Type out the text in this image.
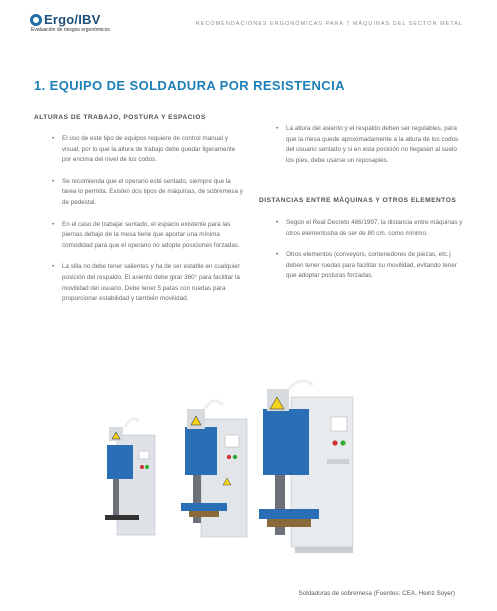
Ergo/IBV
Evaluación de riesgos ergonómicos
RECOMENDACIONES ERGONÓMICAS PARA 7 MÁQUINAS DEL SECTOR METAL
1. EQUIPO DE SOLDADURA POR RESISTENCIA
ALTURAS DE TRABAJO, POSTURA Y ESPACIOS
• El uso de este tipo de equipos requiere de control manual y visual, por lo que la altura de trabajo debe quedar ligeramente por encima del nivel de los codos.
• Se recomienda que el operario esté sentado, siempre que la tarea lo permita. Existen dos tipos de máquinas, de sobremesa y de pedestal.
• En el caso de trabajar sentado, el espacio existente para las piernas debajo de la mesa tiene que aportar una mínima comodidad para que el operario no adopte posiciones forzadas.
• La silla no debe tener salientes y ha de ser estable en cualquier posición del respaldo. El asiento debe girar 360° para facilitar la movilidad del usuario. Debe tener 5 patas con ruedas para proporcionar estabilidad y también movilidad.
• La altura del asiento y el respaldo deben ser regulables, para que la mesa quede aproximadamente a la altura de los codos del usuario sentado y si en esta posición no llegasen al suelo los pies, debe usarse un reposapiés.
DISTANCIAS ENTRE MÁQUINAS Y OTROS ELEMENTOS
• Según el Real Decreto 486/1997, la distancia entre máquinas y otros elementosha de ser de 80 cm. como mínimo.
• Otros elementos (conveyors, contenedores de piezas, etc.) deben tener ruedas para facilitar su movilidad, evitando tener que adoptar posturas forzadas.
Soldadoras de sobremesa (Fuentes: CEA, Heinz Soyer)
